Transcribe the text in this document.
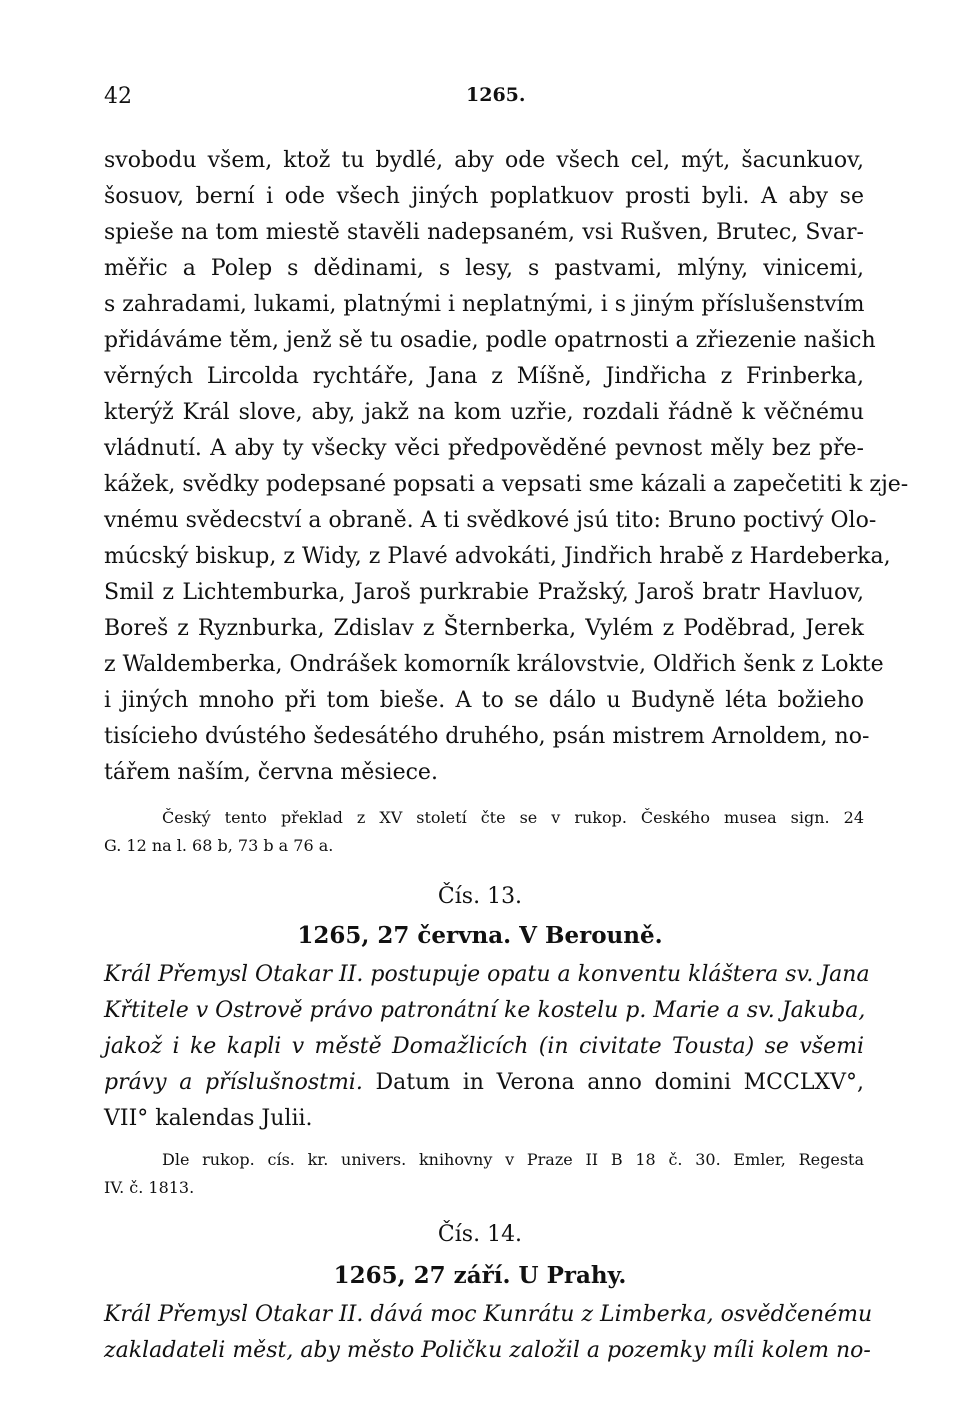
42	1265.
svobodu všem, ktož tu bydlé, aby ode všech cel, mýt, šacunkuov,
šosuov, berní i ode všech jiných poplatkuov prosti byli. A aby se
spieše na tom miestě stavěli nadepsaném, vsi Rušven, Brutec, Svar-
měřic a Polep s dědinami, s lesy, s pastvami, mlýny, vinicemi,
s zahradami, lukami, platnými i neplatnými, i s jiným příslušenstvím
přidáváme těm, jenž sě tu osadie, podle opatrnosti a zřiezenie našich
věrných Lircolda rychtáře, Jana z Míšně, Jindřicha z Frinberka,
kterýž Král slove, aby, jakž na kom uzřie, rozdali řádně k věčnému
vládnutí. A aby ty všecky věci předpověděné pevnost měly bez pře-
kážek, svědky podepsané popsati a vepsati sme kázali a zapečetiti k zje-
vnému svědecství a obraně. A ti svědkové jsú tito: Bruno poctivý Olo-
múcský biskup, z Widy, z Plavé advokáti, Jindřich hrabě z Hardeberka,
Smil z Lichtemburka, Jaroš purkrabie Pražský, Jaroš bratr Havluov,
Boreš z Ryznburka, Zdislav z Šternberka, Vylém z Poděbrad, Jerek
z Waldemberka, Ondrášek komorník královstvie, Oldřich šenk z Lokte
i jiných mnoho při tom bieše. A to se dálo u Budyně léta božieho
tisícieho dvústého šedesátého druhého, psán mistrem Arnoldem, no-
tářem naším, června měsiece.
Český tento překlad z XV století čte se v rukop. Českého musea sign. 24
G. 12 na l. 68 b, 73 b a 76 a.
Čís. 13.
1265, 27 června. V Berouně.
Král Přemysl Otakar II. postupuje opatu a konventu kláštera sv. Jana
Křtitele v Ostrově právo patronátní ke kostelu p. Marie a sv. Jakuba,
jakož i ke kapli v městě Domažlicích (in civitate Tousta) se všemi
právy a příslušnostmi. Datum in Verona anno domini MCCLXV°,
VII° kalendas Julii.
Dle rukop. cís. kr. univers. knihovny v Praze II B 18 č. 30. Emler, Regesta
IV. č. 1813.
Čís. 14.
1265, 27 září. U Prahy.
Král Přemysl Otakar II. dává moc Kunrátu z Limberka, osvědčenému
zakladateli měst, aby město Poličku založil a pozemky míli kolem no-
